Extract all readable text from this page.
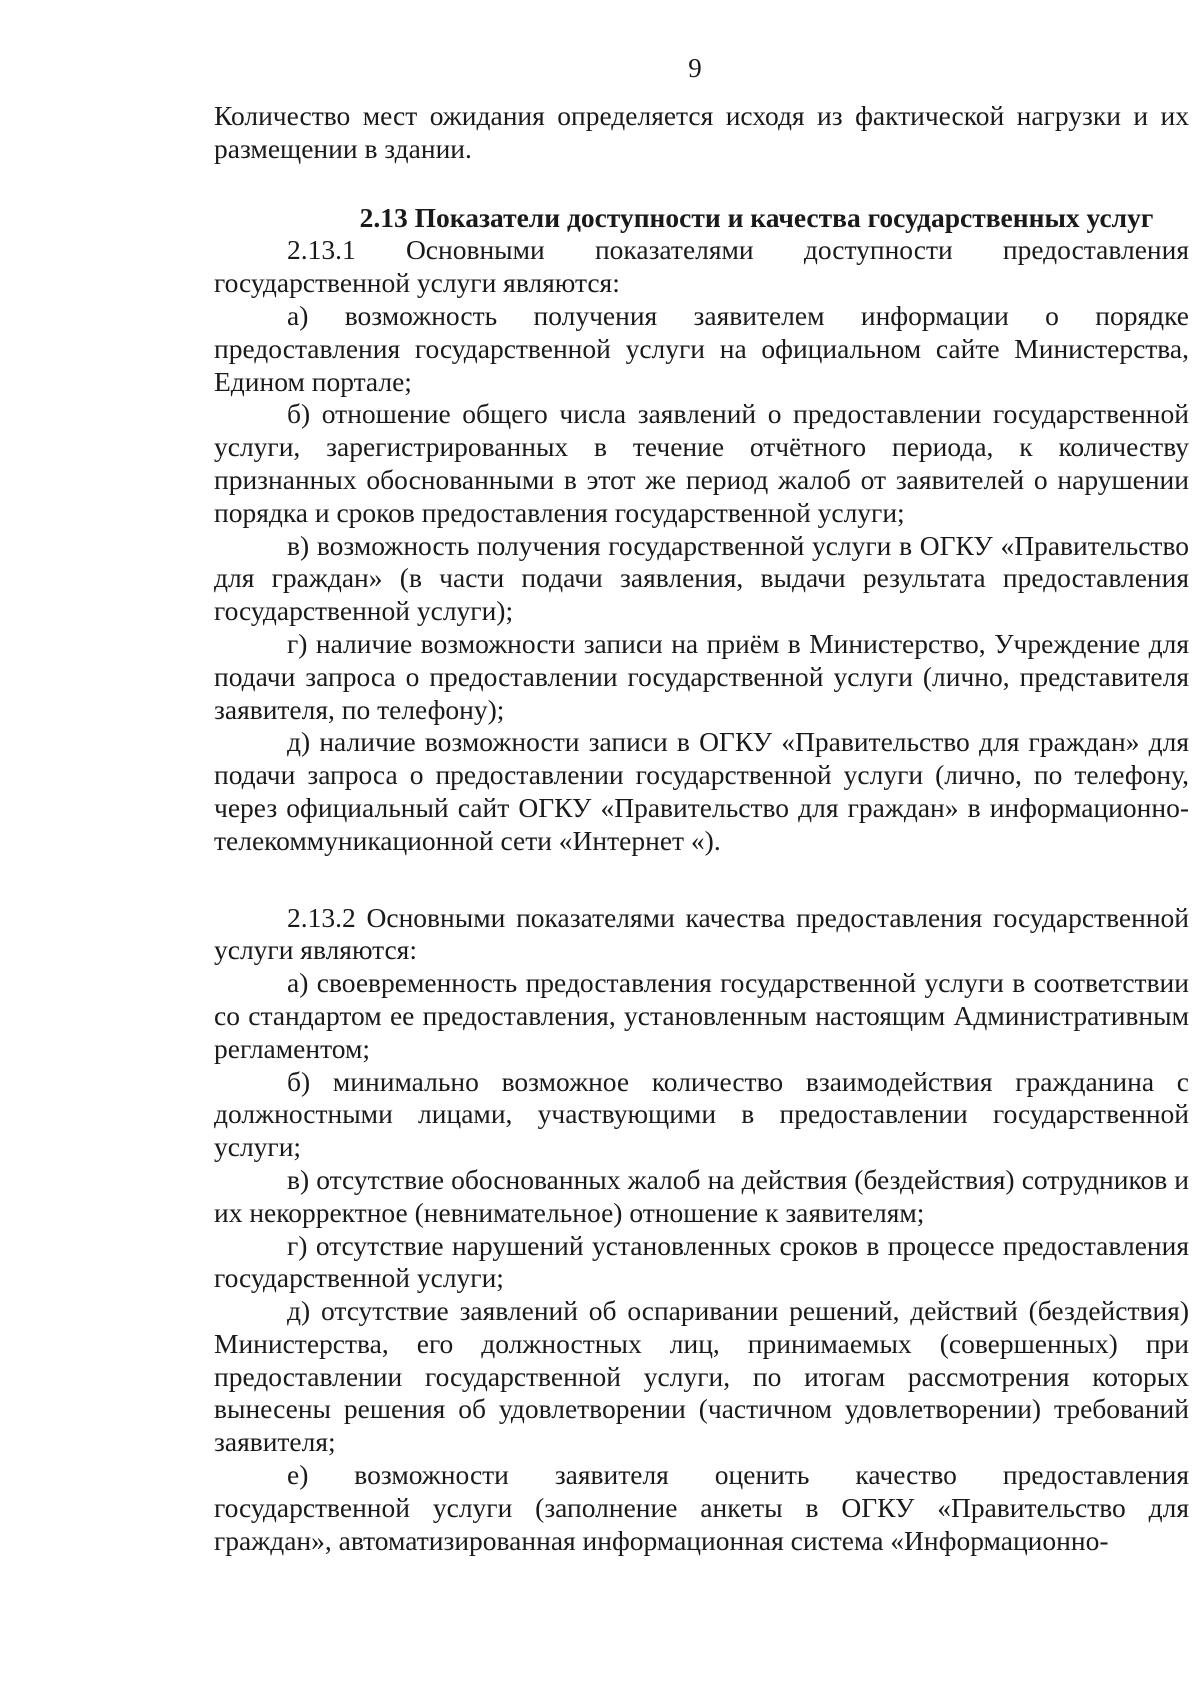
9

Количество мест ожидания определяется исходя из фактической нагрузки и их размещении в здании.

2.13 Показатели доступности и качества государственных услуг

2.13.1 Основными показателями доступности предоставления государственной услуги являются:

а) возможность получения заявителем информации о порядке предоставления государственной услуги на официальном сайте Министерства, Едином портале;

б) отношение общего числа заявлений о предоставлении государственной услуги, зарегистрированных в течение отчётного периода, к количеству признанных обоснованными в этот же период жалоб от заявителей о нарушении порядка и сроков предоставления государственной услуги;

в) возможность получения государственной услуги в ОГКУ «Правительство для граждан» (в части подачи заявления, выдачи результата предоставления государственной услуги);

г) наличие возможности записи на приём в Министерство, Учреждение для подачи запроса о предоставлении государственной услуги (лично, представителя заявителя, по телефону);

д) наличие возможности записи в ОГКУ «Правительство для граждан» для подачи запроса о предоставлении государственной услуги (лично, по телефону, через официальный сайт ОГКУ «Правительство для граждан» в информационно-телекоммуникационной сети «Интернет «).

2.13.2 Основными показателями качества предоставления государственной услуги являются:

а) своевременность предоставления государственной услуги в соответствии со стандартом ее предоставления, установленным настоящим Административным регламентом;

б) минимально возможное количество взаимодействия гражданина с должностными лицами, участвующими в предоставлении государственной услуги;

в) отсутствие обоснованных жалоб на действия (бездействия) сотрудников и их некорректное (невнимательное) отношение к заявителям;

г) отсутствие нарушений установленных сроков в процессе предоставления государственной услуги;

д) отсутствие заявлений об оспаривании решений, действий (бездействия) Министерства, его должностных лиц, принимаемых (совершенных) при предоставлении государственной услуги, по итогам рассмотрения которых вынесены решения об удовлетворении (частичном удовлетворении) требований заявителя;

е) возможности заявителя оценить качество предоставления государственной услуги (заполнение анкеты в ОГКУ «Правительство для граждан», автоматизированная информационная система «Информационно-
